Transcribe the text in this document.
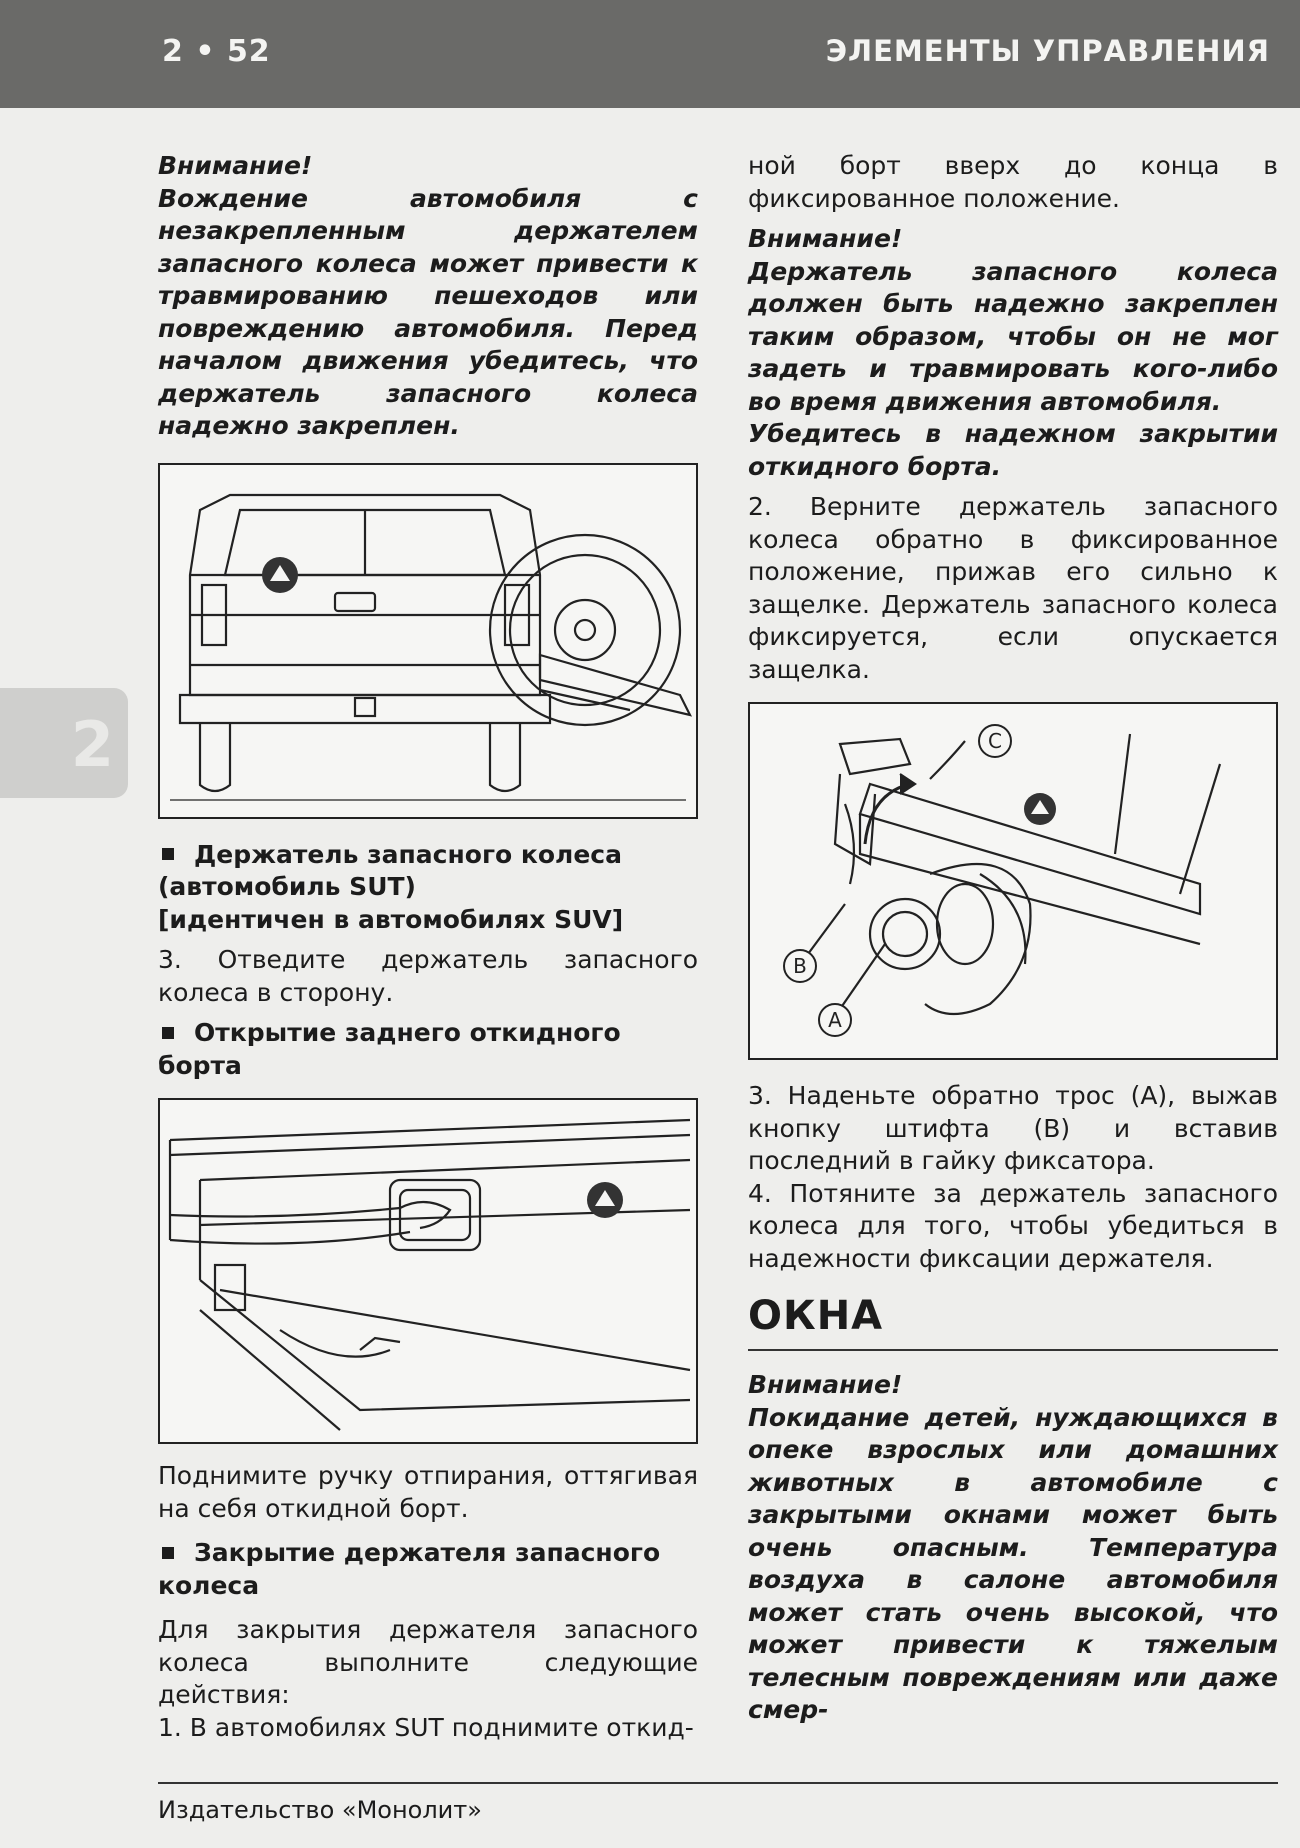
2 • 52	ЭЛЕМЕНТЫ УПРАВЛЕНИЯ
2

Внимание!

Вождение автомобиля с незакрепленным держателем запасного колеса может привести к травмированию пешеходов или повреждению автомобиля. Перед началом движения убедитесь, что держатель запасного колеса надежно закреплен.

Держатель запасного колеса
(автомобиль SUT)
[идентичен в автомобилях SUV]

3. Отведите держатель запасного колеса в сторону.

Открытие заднего откидного борта

Поднимите ручку отпирания, оттягивая на себя откидной борт.

Закрытие держателя запасного колеса

Для закрытия держателя запасного колеса выполните следующие действия:

1. В автомобилях SUT поднимите откид-

ной борт вверх до конца в фиксированное положение.

Внимание!

Держатель запасного колеса должен быть надежно закреплен таким образом, чтобы он не мог задеть и травмировать кого-либо во время движения автомобиля.

Убедитесь в надежном закрытии откидного борта.

2. Верните держатель запасного колеса обратно в фиксированное положение, прижав его сильно к защелке. Держатель запасного колеса фиксируется, если опускается защелка.

C
B
A

3. Наденьте обратно трос (A), выжав кнопку штифта (B) и вставив последний в гайку фиксатора.

4. Потяните за держатель запасного колеса для того, чтобы убедиться в надежности фиксации держателя.

ОКНА

Внимание!

Покидание детей, нуждающихся в опеке взрослых или домашних животных в автомобиле с закрытыми окнами может быть очень опасным. Температура воздуха в салоне автомобиля может стать очень высокой, что может привести к тяжелым телесным повреждениям или даже смер-

Издательство «Монолит»
